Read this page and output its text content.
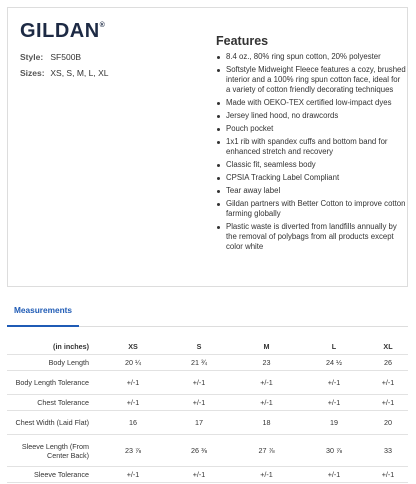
GILDAN®
Style: SF500B
Sizes: XS, S, M, L, XL
Features
8.4 oz., 80% ring spun cotton, 20% polyester
Softstyle Midweight Fleece features a cozy, brushed interior and a 100% ring spun cotton face, ideal for a variety of cotton friendly decorating techniques
Made with OEKO-TEX certified low-impact dyes
Jersey lined hood, no drawcords
Pouch pocket
1x1 rib with spandex cuffs and bottom band for enhanced stretch and recovery
Classic fit, seamless body
CPSIA Tracking Label Compliant
Tear away label
Gildan partners with Better Cotton to improve cotton farming globally
Plastic waste is diverted from landfills annually by the removal of polybags from all products except color white
Measurements
(in inches)	XS	S	M	L	XL
Body Length	20 ¼	21 ¾	23	24 ½	26
Body Length Tolerance	+/-1	+/-1	+/-1	+/-1	+/-1
Chest Tolerance	+/-1	+/-1	+/-1	+/-1	+/-1
Chest Width (Laid Flat)	16	17	18	19	20
Sleeve Length (From Center Back)	23 ⅞	26 ⅜	27 ⅞	30 ⅞	33
Sleeve Tolerance	+/-1	+/-1	+/-1	+/-1	+/-1
